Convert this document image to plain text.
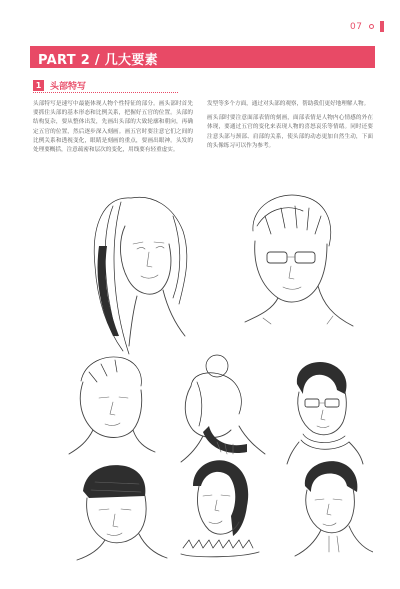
07
PART 2 / 几大要素
1 头部特写
头部特写是速写中最能体现人物个性特征的部分。画头部时首先要抓住头部的基本形态和比例关系，把握好五官的位置。头部的结构复杂，要从整体出发，先画出头部的大致轮廓和朝向，再确定五官的位置，然后逐步深入刻画。画五官时要注意它们之间的比例关系和透视变化，眼睛是刻画的重点，要画出眼神。头发的处理要概括，注意疏密和层次的变化，用线要有轻重虚实。

发型等多个方面，通过对头部的观察，帮助我们更好地理解人物。

画头部时要注意面部表情的刻画，面部表情是人物内心情感的外在体现，要通过五官的变化来表现人物的喜怒哀乐等情绪。同时还要注意头部与颈部、肩部的关系，使头部的动态更加自然生动，下面的头像练习可以作为参考。
